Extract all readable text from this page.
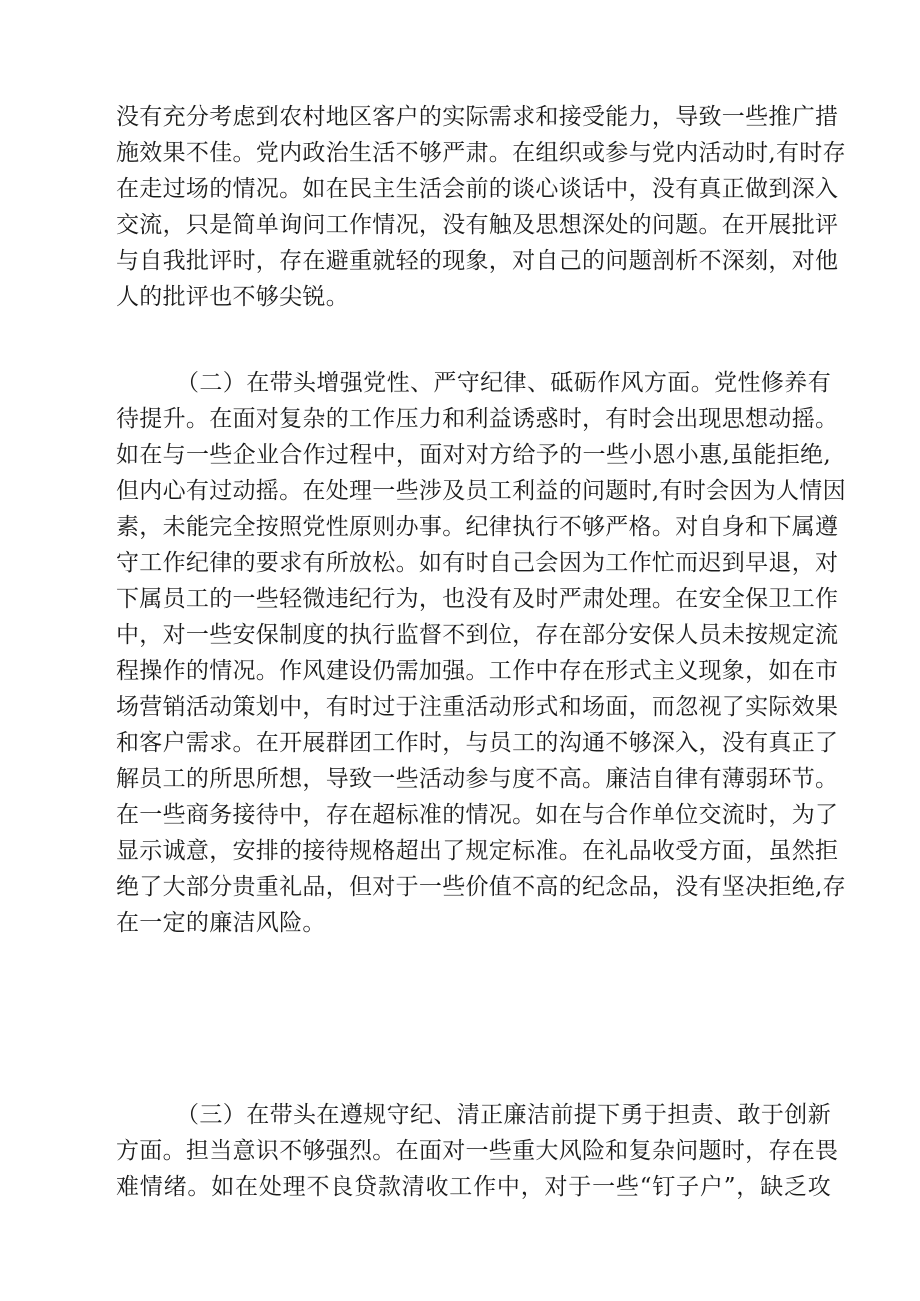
没有充分考虑到农村地区客户的实际需求和接受能力，导致一些推广措
施效果不佳。党内政治生活不够严肃。在组织或参与党内活动时,有时存
在走过场的情况。如在民主生活会前的谈心谈话中，没有真正做到深入
交流，只是简单询问工作情况，没有触及思想深处的问题。在开展批评
与自我批评时，存在避重就轻的现象，对自己的问题剖析不深刻，对他
人的批评也不够尖锐。
（二）在带头增强党性、严守纪律、砥砺作风方面。党性修养有
待提升。在面对复杂的工作压力和利益诱惑时，有时会出现思想动摇。
如在与一些企业合作过程中，面对对方给予的一些小恩小惠,虽能拒绝,
但内心有过动摇。在处理一些涉及员工利益的问题时,有时会因为人情因
素，未能完全按照党性原则办事。纪律执行不够严格。对自身和下属遵
守工作纪律的要求有所放松。如有时自己会因为工作忙而迟到早退，对
下属员工的一些轻微违纪行为，也没有及时严肃处理。在安全保卫工作
中，对一些安保制度的执行监督不到位，存在部分安保人员未按规定流
程操作的情况。作风建设仍需加强。工作中存在形式主义现象，如在市
场营销活动策划中，有时过于注重活动形式和场面，而忽视了实际效果
和客户需求。在开展群团工作时，与员工的沟通不够深入，没有真正了
解员工的所思所想，导致一些活动参与度不高。廉洁自律有薄弱环节。
在一些商务接待中，存在超标准的情况。如在与合作单位交流时，为了
显示诚意，安排的接待规格超出了规定标准。在礼品收受方面，虽然拒
绝了大部分贵重礼品，但对于一些价值不高的纪念品，没有坚决拒绝,存
在一定的廉洁风险。
（三）在带头在遵规守纪、清正廉洁前提下勇于担责、敢于创新
方面。担当意识不够强烈。在面对一些重大风险和复杂问题时，存在畏
难情绪。如在处理不良贷款清收工作中，对于一些“钉子户”，缺乏攻
